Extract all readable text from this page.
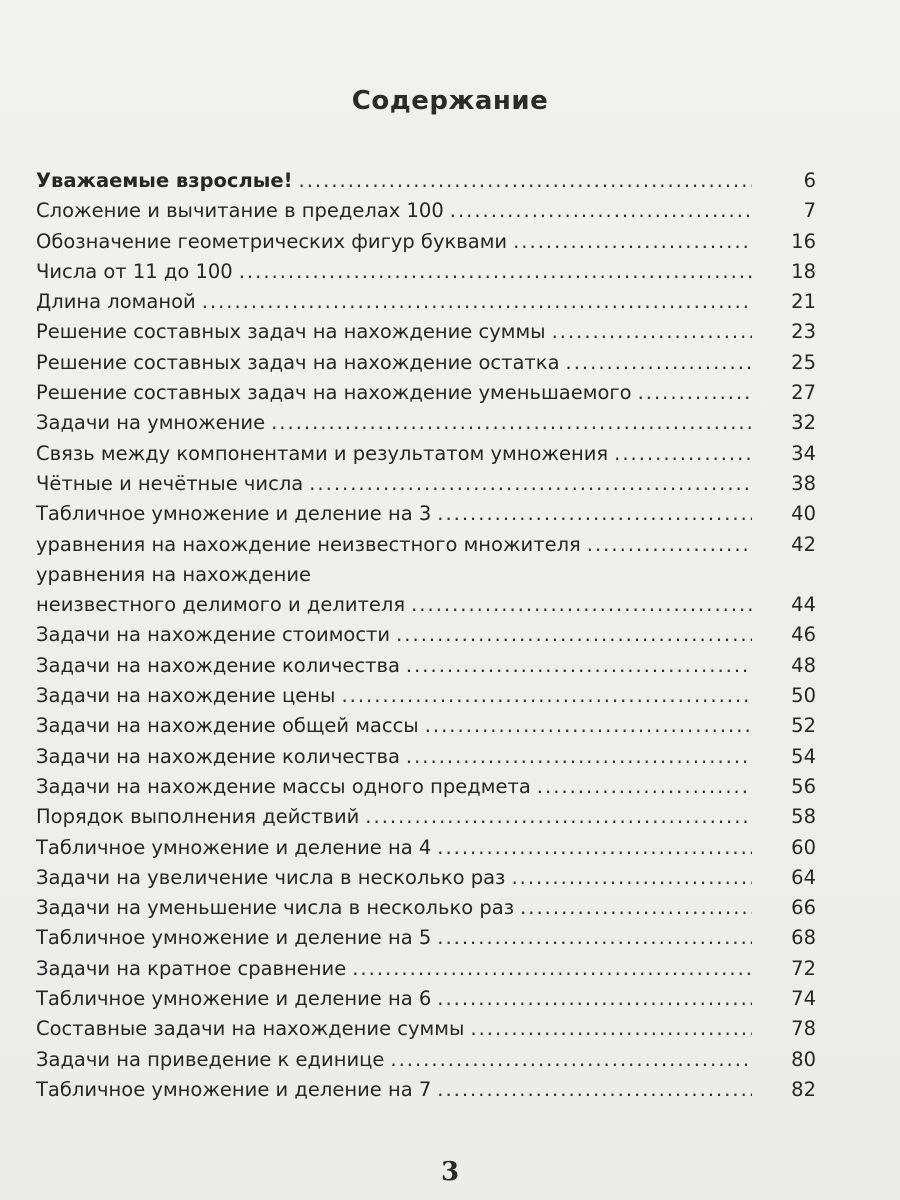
Содержание
Уважаемые взрослые! .....	6
Сложение и вычитание в пределах 100 .....	7
Обозначение геометрических фигур буквами .....	16
Числа от 11 до 100 .....	18
Длина ломаной .....	21
Решение составных задач на нахождение суммы .....	23
Решение составных задач на нахождение остатка .....	25
Решение составных задач на нахождение уменьшаемого .....	27
Задачи на умножение .....	32
Связь между компонентами и результатом умножения .....	34
Чётные и нечётные числа .....	38
Табличное умножение и деление на 3 .....	40
уравнения на нахождение неизвестного множителя .....	42
уравнения на нахождение
неизвестного делимого и делителя .....	44
Задачи на нахождение стоимости .....	46
Задачи на нахождение количества .....	48
Задачи на нахождение цены .....	50
Задачи на нахождение общей массы .....	52
Задачи на нахождение количества .....	54
Задачи на нахождение массы одного предмета .....	56
Порядок выполнения действий .....	58
Табличное умножение и деление на 4 .....	60
Задачи на увеличение числа в несколько раз .....	64
Задачи на уменьшение числа в несколько раз .....	66
Табличное умножение и деление на 5 .....	68
Задачи на кратное сравнение .....	72
Табличное умножение и деление на 6 .....	74
Составные задачи на нахождение суммы .....	78
Задачи на приведение к единице .....	80
Табличное умножение и деление на 7 .....	82
3
